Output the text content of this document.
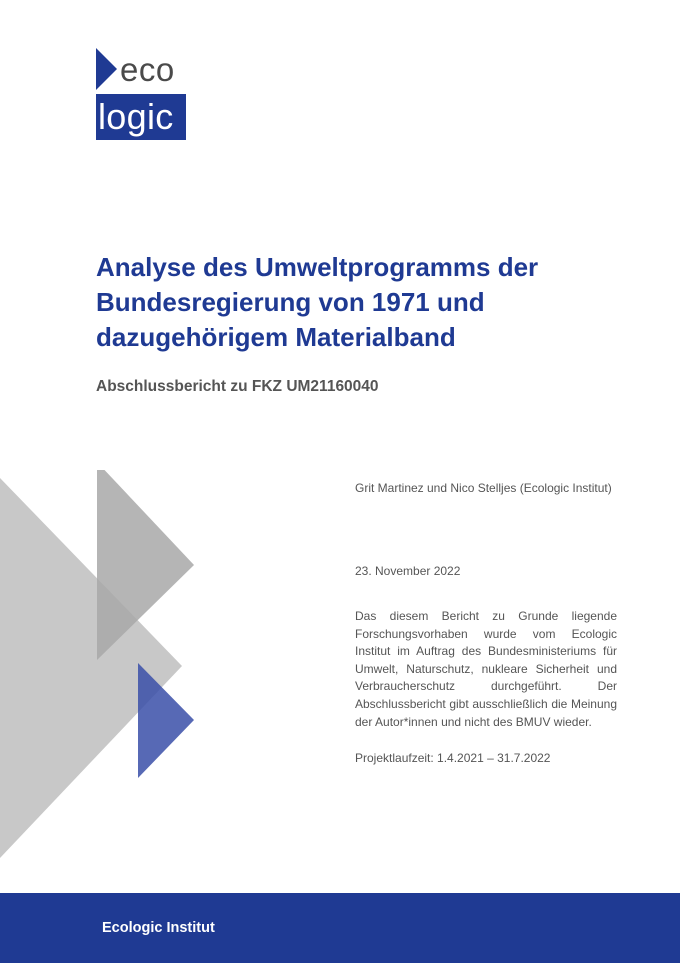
eco
logic
Analyse des Umweltprogramms der Bundesregierung von 1971 und dazugehörigem Materialband
Abschlussbericht zu FKZ UM21160040
Grit Martinez und Nico Stelljes (Ecologic Institut)
23. November 2022
Das diesem Bericht zu Grunde liegende Forschungsvorhaben wurde vom Ecologic Institut im Auftrag des Bundesministeriums für Umwelt, Naturschutz, nukleare Sicherheit und Verbraucherschutz durchgeführt. Der Abschlussbericht gibt ausschließlich die Meinung der Autor*innen und nicht des BMUV wieder.
Projektlaufzeit: 1.4.2021 – 31.7.2022
Ecologic Institut
